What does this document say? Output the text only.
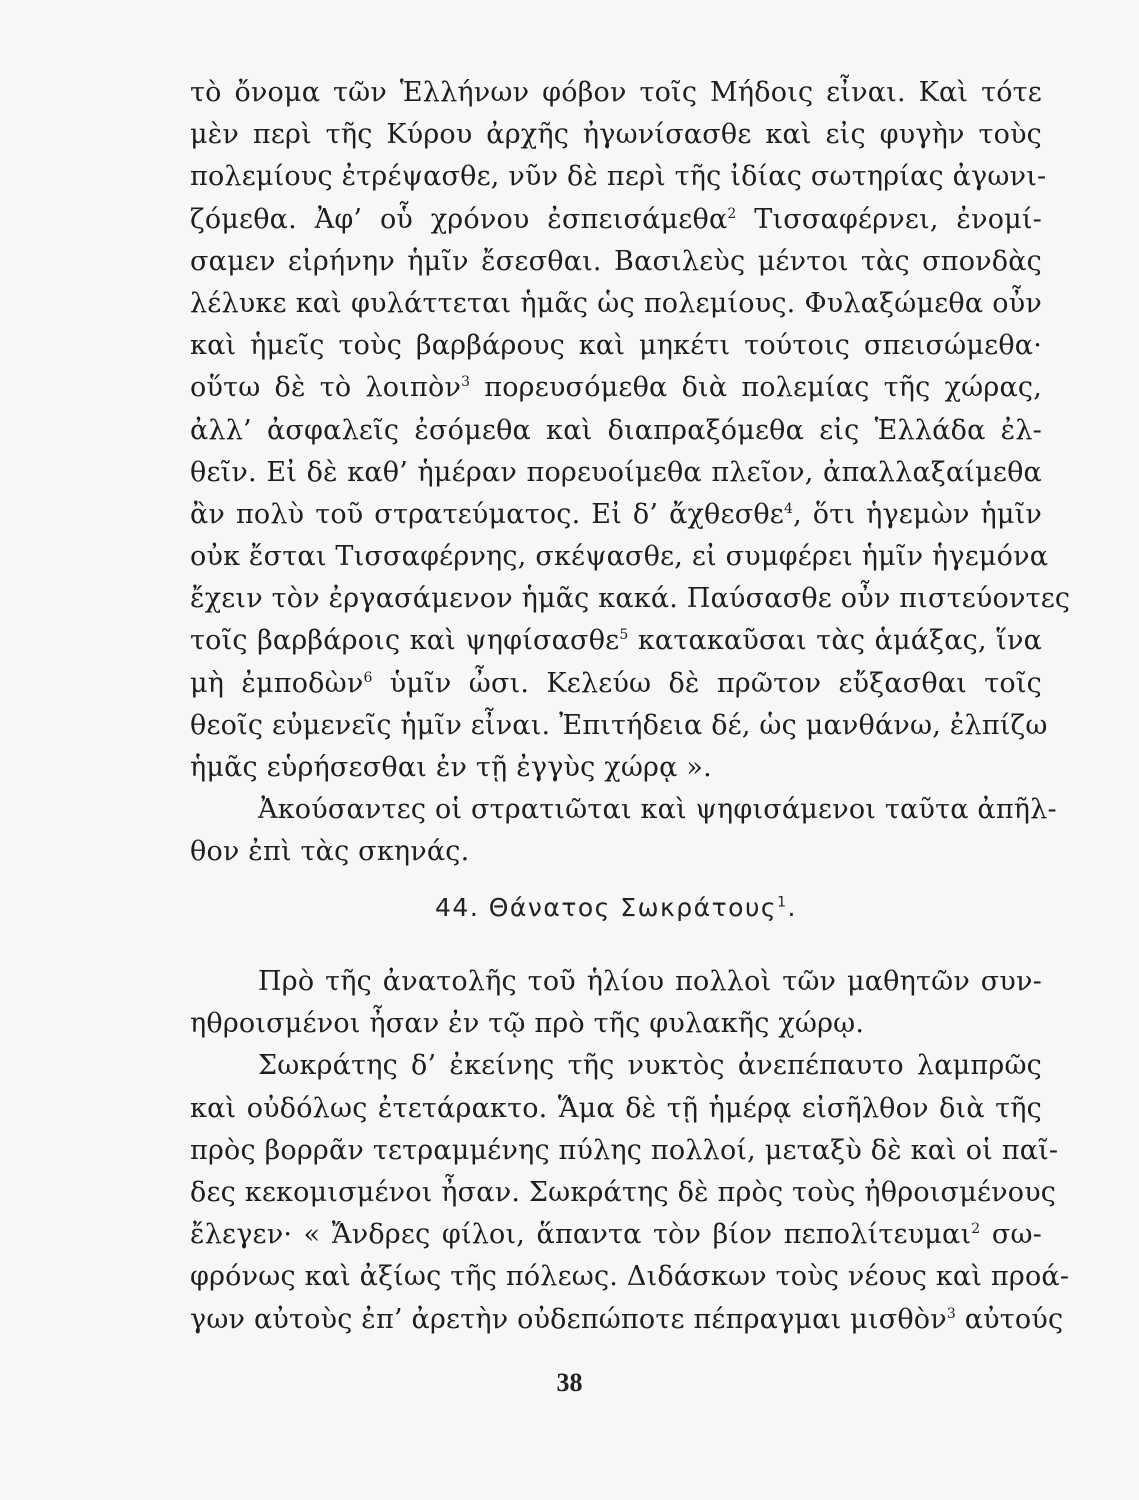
τὸ ὄνομα τῶν Ἑλλήνων φόβον τοῖς Μήδοις εἶναι. Καὶ τότε
μὲν περὶ τῆς Κύρου ἀρχῆς ἠγωνίσασθε καὶ εἰς φυγὴν τοὺς
πολεμίους ἐτρέψασθε, νῦν δὲ περὶ τῆς ἰδίας σωτηρίας ἀγωνι-
ζόμεθα. Ἀφ’ οὗ χρόνου ἐσπεισάμεθα$^2$ Τισσαφέρνει, ἐνομί-
σαμεν εἰρήνην ἡμῖν ἔσεσθαι. Βασιλεὺς μέντοι τὰς σπονδὰς
λέλυκε καὶ φυλάττεται ἡμᾶς ὡς πολεμίους. Φυλαξώμεθα οὖν
καὶ ἡμεῖς τοὺς βαρβάρους καὶ μηκέτι τούτοις σπεισώμεθα·
οὕτω δὲ τὸ λοιπὸν$^3$ πορευσόμεθα διὰ πολεμίας τῆς χώρας,
ἀλλ’ ἀσφαλεῖς ἐσόμεθα καὶ διαπραξόμεθα εἰς Ἑλλάδα ἐλ-
θεῖν. Εἰ δὲ καθ’ ἡμέραν πορευοίμεθα πλεῖον, ἀπαλλαξαίμεθα
ἂν πολὺ τοῦ στρατεύματος. Εἰ δ’ ἄχθεσθε$^4$, ὅτι ἡγεμὼν ἡμῖν
οὐκ ἔσται Τισσαφέρνης, σκέψασθε, εἰ συμφέρει ἡμῖν ἡγεμόνα
ἔχειν τὸν ἐργασάμενον ἡμᾶς κακά. Παύσασθε οὖν πιστεύοντες
τοῖς βαρβάροις καὶ ψηφίσασθε$^5$ κατακαῦσαι τὰς ἁμάξας, ἵνα
μὴ ἐμποδὼν$^6$ ὑμῖν ὦσι. Κελεύω δὲ πρῶτον εὔξασθαι τοῖς
θεοῖς εὐμενεῖς ἡμῖν εἶναι. Ἐπιτήδεια δέ, ὡς μανθάνω, ἐλπίζω
ἡμᾶς εὑρήσεσθαι ἐν τῇ ἐγγὺς χώρᾳ ».
Ἀκούσαντες οἱ στρατιῶται καὶ ψηφισάμενοι ταῦτα ἀπῆλ-
θον ἐπὶ τὰς σκηνάς.
44. Θάνατος Σωκράτους$^1$.
Πρὸ τῆς ἀνατολῆς τοῦ ἡλίου πολλοὶ τῶν μαθητῶν συν-
ηθροισμένοι ἦσαν ἐν τῷ πρὸ τῆς φυλακῆς χώρῳ.
Σωκράτης δ’ ἐκείνης τῆς νυκτὸς ἀνεπέπαυτο λαμπρῶς
καὶ οὐδόλως ἐτετάρακτο. Ἅμα δὲ τῇ ἡμέρᾳ εἰσῆλθον διὰ τῆς
πρὸς βορρᾶν τετραμμένης πύλης πολλοί, μεταξὺ δὲ καὶ οἱ παῖ-
δες κεκομισμένοι ἦσαν. Σωκράτης δὲ πρὸς τοὺς ἠθροισμένους
ἔλεγεν· « Ἄνδρες φίλοι, ἅπαντα τὸν βίον πεπολίτευμαι$^2$ σω-
φρόνως καὶ ἀξίως τῆς πόλεως. Διδάσκων τοὺς νέους καὶ προά-
γων αὐτοὺς ἐπ’ ἀρετὴν οὐδεπώποτε πέπραγμαι μισθὸν$^3$ αὐτούς
38
